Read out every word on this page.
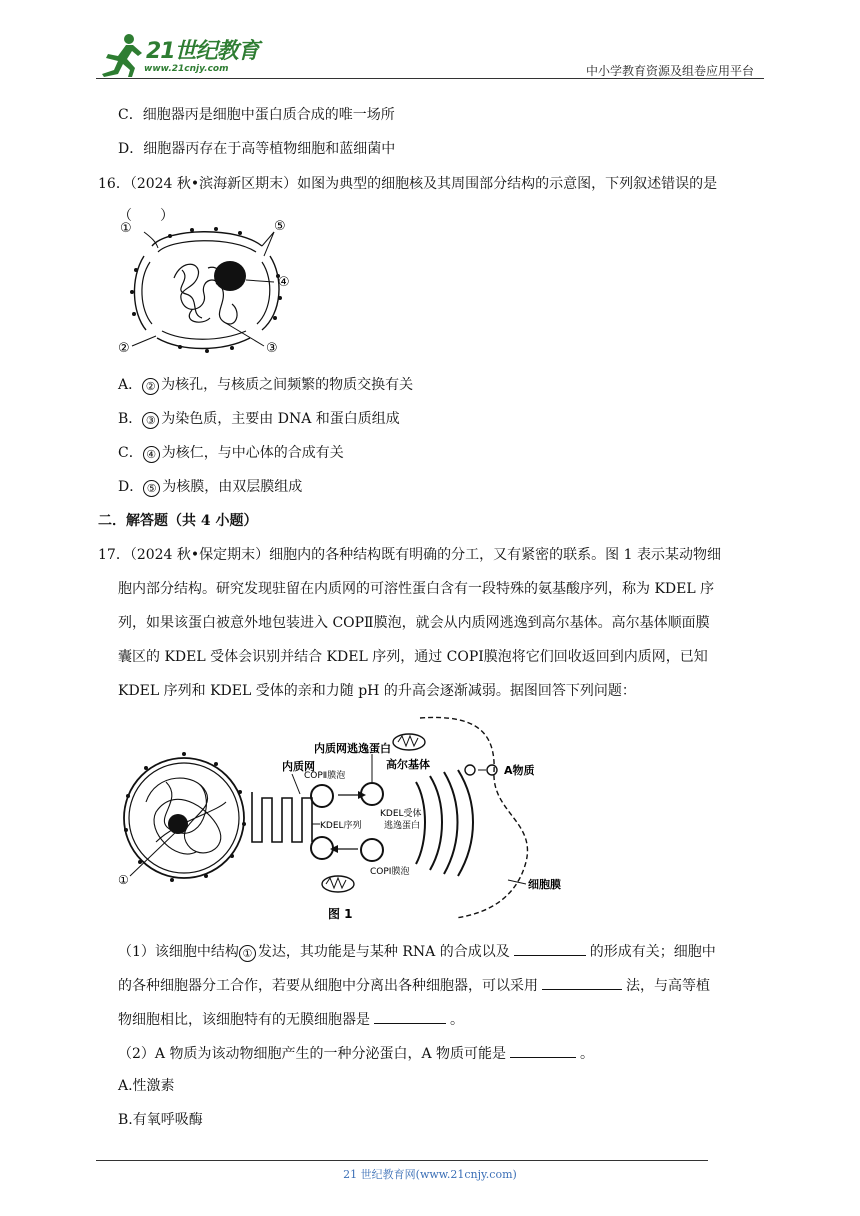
21世纪教育
www.21cnjy.com	中小学教育资源及组卷应用平台
C．细胞器丙是细胞中蛋白质合成的唯一场所
D．细胞器丙存在于高等植物细胞和蓝细菌中
16．（2024 秋•滨海新区期末）如图为典型的细胞核及其周围部分结构的示意图，下列叙述错误的是
（　　）
①
②	③
④
⑤
A． ② 为核孔，与核质之间频繁的物质交换有关
B． ③ 为染色质，主要由 DNA 和蛋白质组成
C． ④ 为核仁，与中心体的合成有关
D． ⑤ 为核膜，由双层膜组成
二．解答题（共 4 小题）
17．（2024 秋•保定期末）细胞内的各种结构既有明确的分工，又有紧密的联系。图 1 表示某动物细
胞内部分结构。研究发现驻留在内质网的可溶性蛋白含有一段特殊的氨基酸序列，称为 KDEL 序
列，如果该蛋白被意外地包装进入 COPⅡ膜泡，就会从内质网逃逸到高尔基体。高尔基体顺面膜
囊区的 KDEL 受体会识别并结合 KDEL 序列，通过 COPⅠ膜泡将它们回收返回到内质网，已知
KDEL 序列和 KDEL 受体的亲和力随 pH 的升高会逐渐减弱。据图回答下列问题：
①
内质网
内质网逃逸蛋白
COPⅡ膜泡
高尔基体
KDEL受体
逃逸蛋白
KDEL序列
COPⅠ膜泡
A物质
细胞膜
图 1
（1）该细胞中结构 ① 发达，其功能是与某种 RNA 的合成以及	的形成有关；细胞中
的各种细胞器分工合作，若要从细胞中分离出各种细胞器，可以采用	法，与高等植
物细胞相比，该细胞特有的无膜细胞器是	。
（2）A 物质为该动物细胞产生的一种分泌蛋白，A 物质可能是	。
A.性激素
B.有氧呼吸酶
21 世纪教育网(www.21cnjy.com)
